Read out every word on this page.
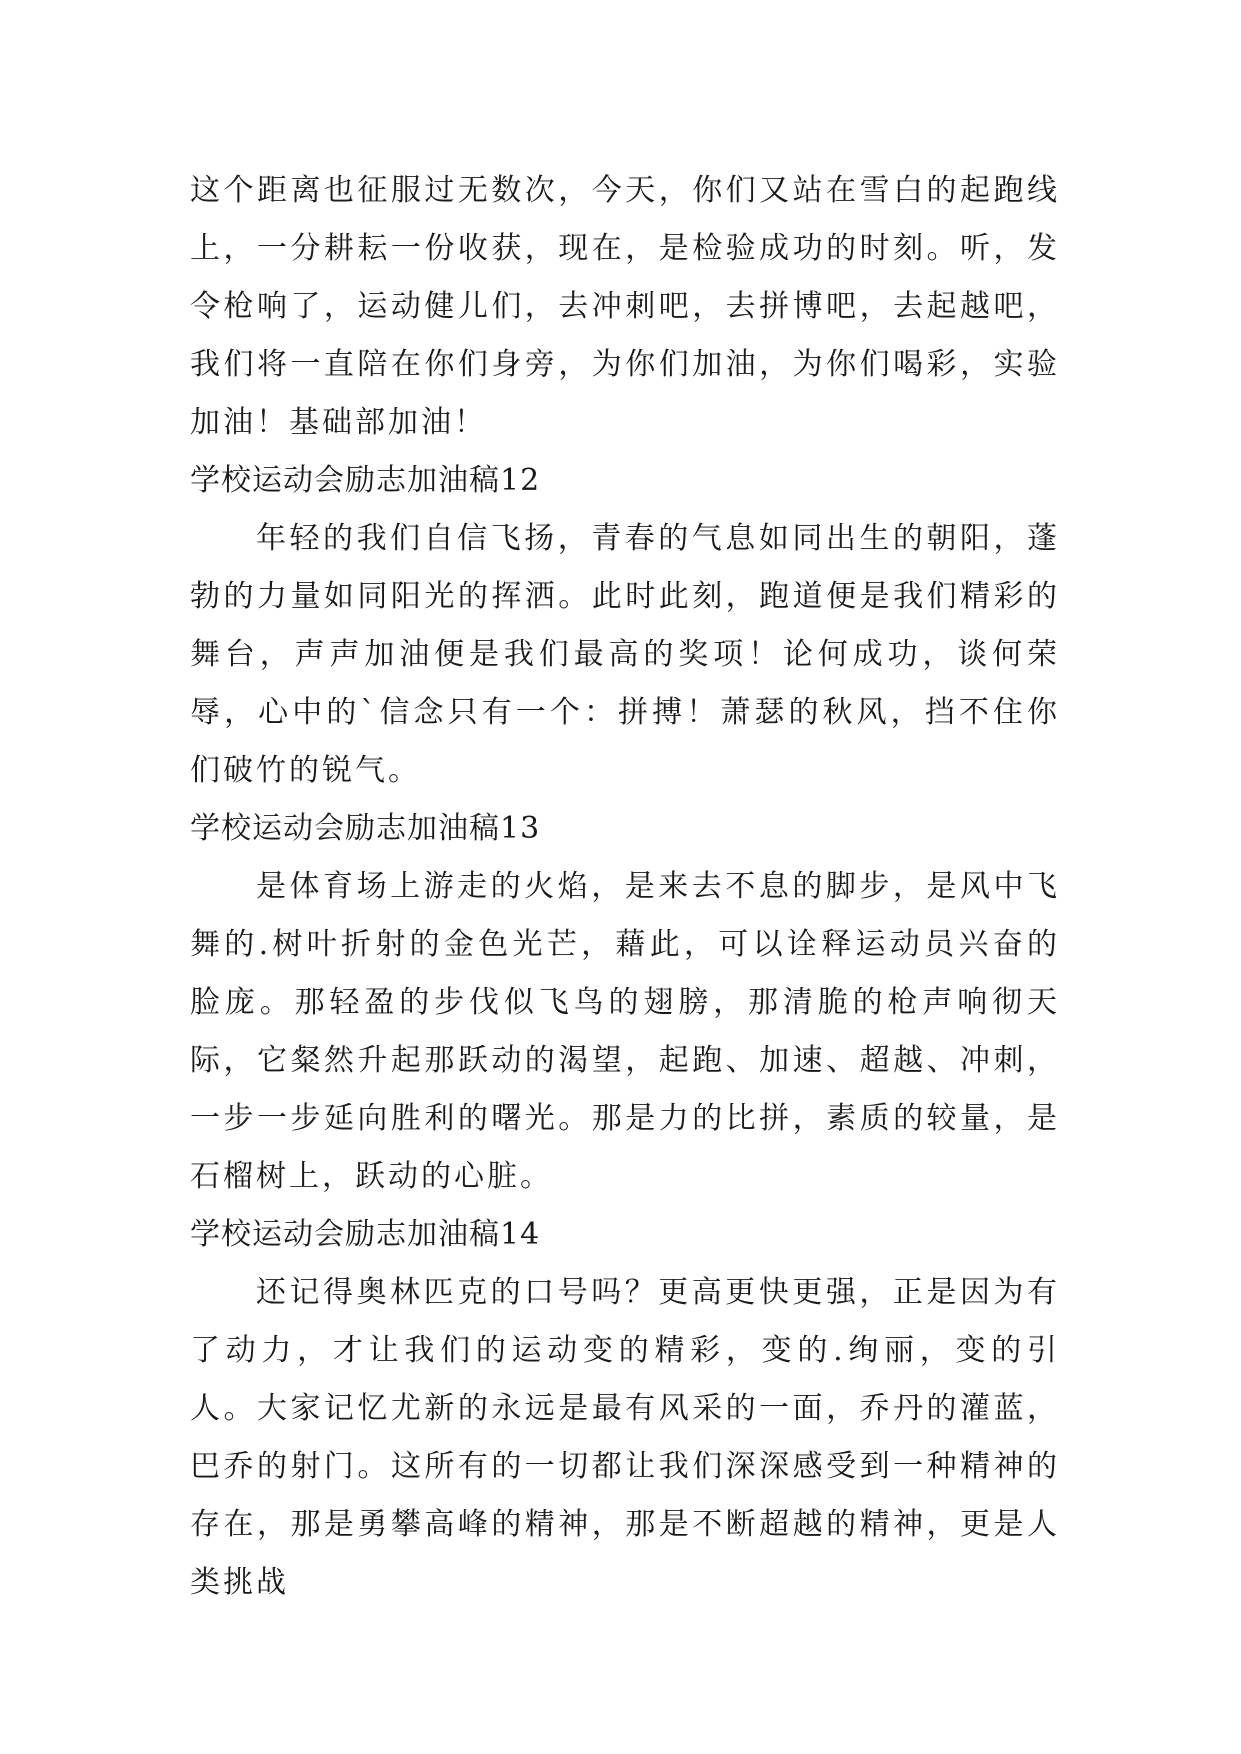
这个距离也征服过无数次，今天，你们又站在雪白的起跑线上，一分耕耘一份收获，现在，是检验成功的时刻。听，发令枪响了，运动健儿们，去冲刺吧，去拼博吧，去起越吧，我们将一直陪在你们身旁，为你们加油，为你们喝彩，实验加油！基础部加油！

学校运动会励志加油稿12

年轻的我们自信飞扬，青春的气息如同出生的朝阳，蓬勃的力量如同阳光的挥洒。此时此刻，跑道便是我们精彩的舞台，声声加油便是我们最高的奖项！论何成功，谈何荣辱，心中的`信念只有一个：拼搏！萧瑟的秋风，挡不住你们破竹的锐气。

学校运动会励志加油稿13

是体育场上游走的火焰，是来去不息的脚步，是风中飞舞的.树叶折射的金色光芒，藉此，可以诠释运动员兴奋的脸庞。那轻盈的步伐似飞鸟的翅膀，那清脆的枪声响彻天际，它粲然升起那跃动的渴望，起跑、加速、超越、冲刺，一步一步延向胜利的曙光。那是力的比拼，素质的较量，是石榴树上，跃动的心脏。

学校运动会励志加油稿14

还记得奥林匹克的口号吗？更高更快更强，正是因为有了动力，才让我们的运动变的精彩，变的.绚丽，变的引人。大家记忆尤新的永远是最有风采的一面，乔丹的灌蓝，巴乔的射门。这所有的一切都让我们深深感受到一种精神的存在，那是勇攀高峰的精神，那是不断超越的精神，更是人类挑战
